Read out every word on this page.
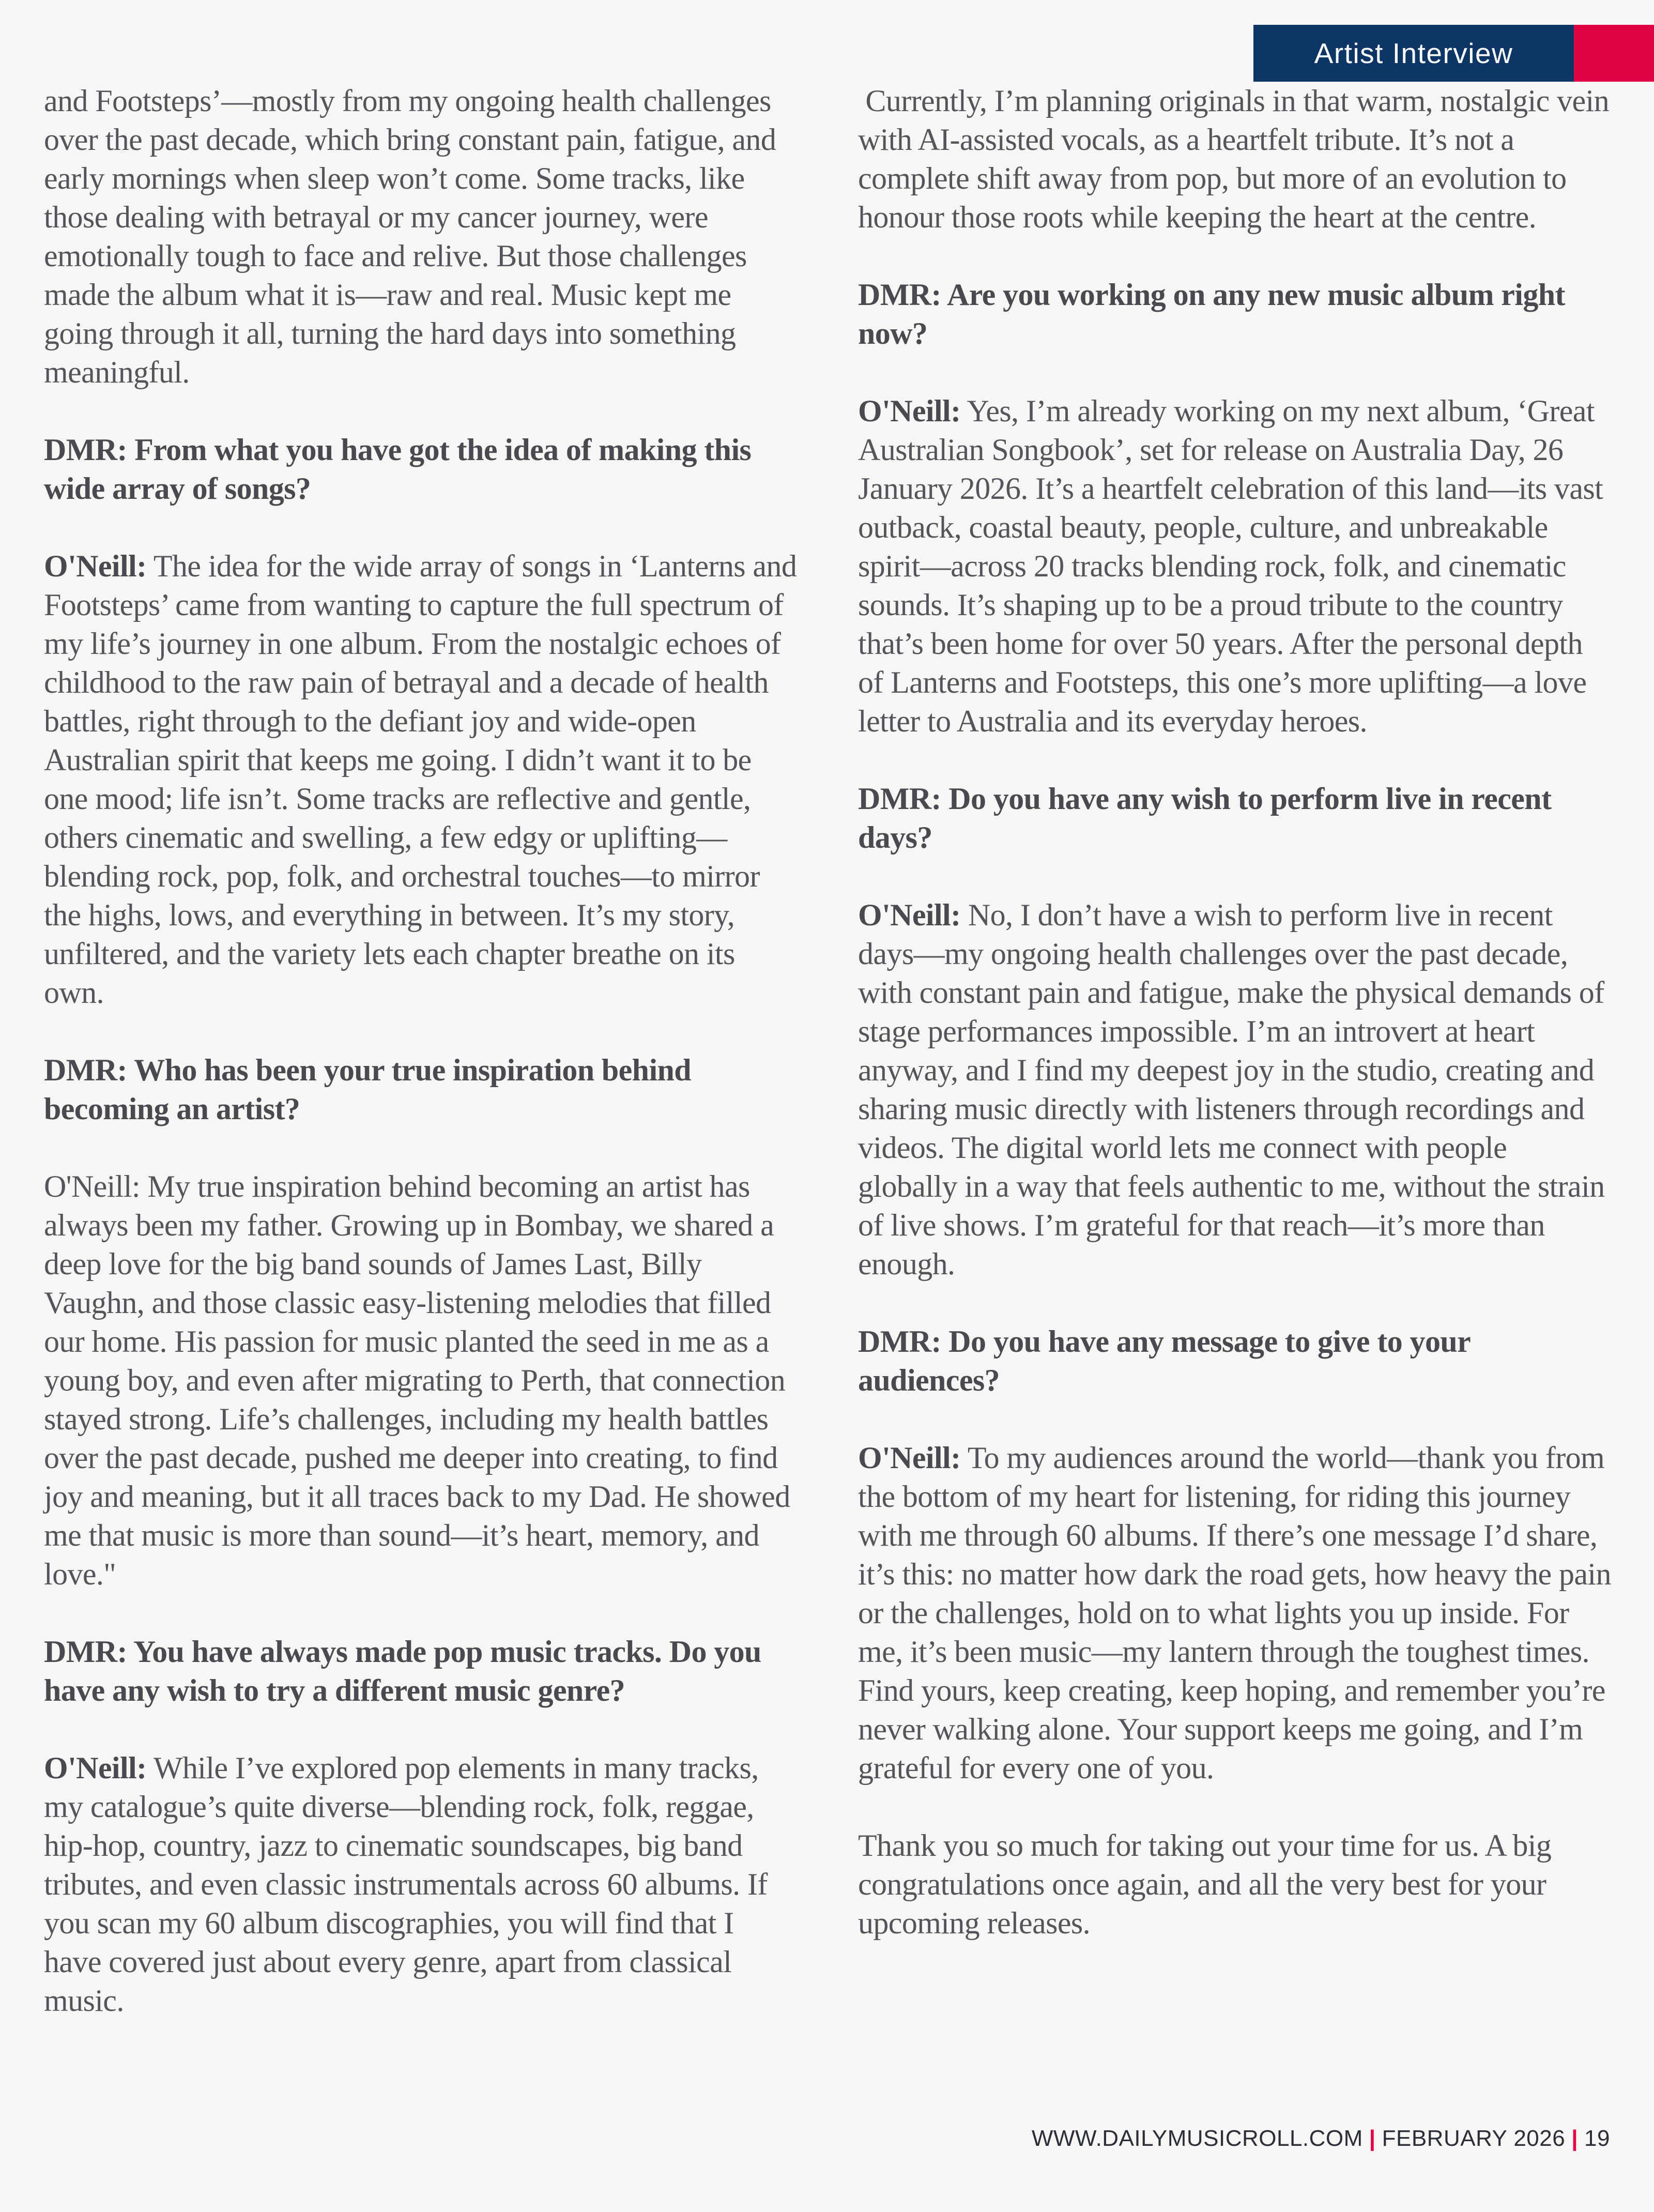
Artist Interview

and Footsteps’—mostly from my ongoing health challenges over the past decade, which bring constant pain, fatigue, and early mornings when sleep won’t come. Some tracks, like those dealing with betrayal or my cancer journey, were emotionally tough to face and relive. But those challenges made the album what it is—raw and real. Music kept me going through it all, turning the hard days into something meaningful.

DMR: From what you have got the idea of making this wide array of songs?

O'Neill: The idea for the wide array of songs in ‘Lanterns and Footsteps’ came from wanting to capture the full spectrum of my life’s journey in one album. From the nostalgic echoes of childhood to the raw pain of betrayal and a decade of health battles, right through to the defiant joy and wide-open Australian spirit that keeps me going. I didn’t want it to be one mood; life isn’t. Some tracks are reflective and gentle, others cinematic and swelling, a few edgy or uplifting—blending rock, pop, folk, and orchestral touches—to mirror the highs, lows, and everything in between. It’s my story, unfiltered, and the variety lets each chapter breathe on its own.

DMR: Who has been your true inspiration behind becoming an artist?

O'Neill: My true inspiration behind becoming an artist has always been my father. Growing up in Bombay, we shared a deep love for the big band sounds of James Last, Billy Vaughn, and those classic easy-listening melodies that filled our home. His passion for music planted the seed in me as a young boy, and even after migrating to Perth, that connection stayed strong. Life’s challenges, including my health battles over the past decade, pushed me deeper into creating, to find joy and meaning, but it all traces back to my Dad. He showed me that music is more than sound—it’s heart, memory, and love."

DMR: You have always made pop music tracks. Do you have any wish to try a different music genre?

O'Neill: While I’ve explored pop elements in many tracks, my catalogue’s quite diverse—blending rock, folk, reggae, hip-hop, country, jazz to cinematic soundscapes, big band tributes, and even classic instrumentals across 60 albums. If you scan my 60 album discographies, you will find that I have covered just about every genre, apart from classical music.

Currently, I’m planning originals in that warm, nostalgic vein with AI-assisted vocals, as a heartfelt tribute. It’s not a complete shift away from pop, but more of an evolution to honour those roots while keeping the heart at the centre.

DMR: Are you working on any new music album right now?

O'Neill: Yes, I’m already working on my next album, ‘Great Australian Songbook’, set for release on Australia Day, 26 January 2026. It’s a heartfelt celebration of this land—its vast outback, coastal beauty, people, culture, and unbreakable spirit—across 20 tracks blending rock, folk, and cinematic sounds. It’s shaping up to be a proud tribute to the country that’s been home for over 50 years. After the personal depth of Lanterns and Footsteps, this one’s more uplifting—a love letter to Australia and its everyday heroes.

DMR: Do you have any wish to perform live in recent days?

O'Neill: No, I don’t have a wish to perform live in recent days—my ongoing health challenges over the past decade, with constant pain and fatigue, make the physical demands of stage performances impossible. I’m an introvert at heart anyway, and I find my deepest joy in the studio, creating and sharing music directly with listeners through recordings and videos. The digital world lets me connect with people globally in a way that feels authentic to me, without the strain of live shows. I’m grateful for that reach—it’s more than enough.

DMR: Do you have any message to give to your audiences?

O'Neill: To my audiences around the world—thank you from the bottom of my heart for listening, for riding this journey with me through 60 albums. If there’s one message I’d share, it’s this: no matter how dark the road gets, how heavy the pain or the challenges, hold on to what lights you up inside. For me, it’s been music—my lantern through the toughest times. Find yours, keep creating, keep hoping, and remember you’re never walking alone. Your support keeps me going, and I’m grateful for every one of you.

Thank you so much for taking out your time for us. A big congratulations once again, and all the very best for your upcoming releases.

WWW.DAILYMUSICROLL.COM | FEBRUARY 2026 | 19
